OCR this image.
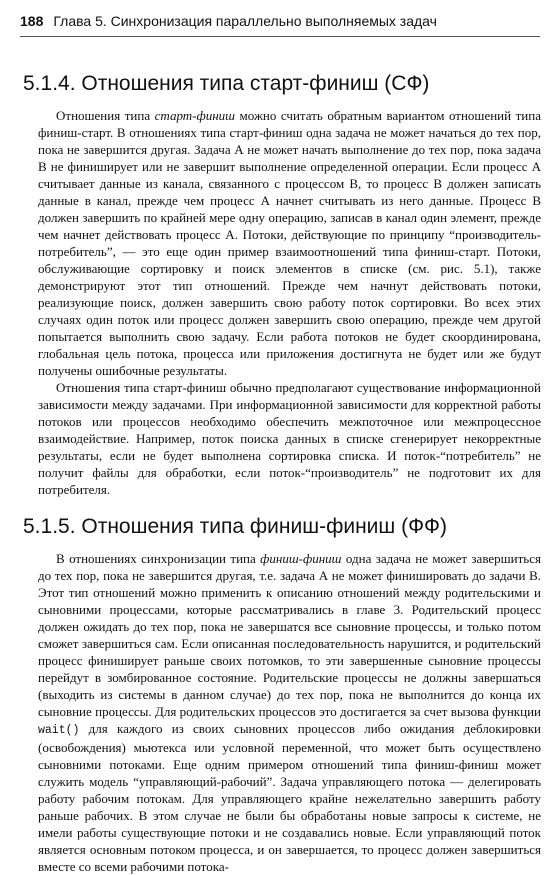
188 Глава 5. Синхронизация параллельно выполняемых задач
5.1.4. Отношения типа старт-финиш (СФ)

Отношения типа старт-финиш можно считать обратным вариантом отношений типа финиш-старт. В отношениях типа старт-финиш одна задача не может начаться до тех пор, пока не завершится другая. Задача А не может начать выполнение до тех пор, пока задача В не финиширует или не завершит выполнение определенной операции. Если процесс А считывает данные из канала, связанного с процессом В, то процесс В должен записать данные в канал, прежде чем процесс А начнет считывать из него данные. Процесс В должен завершить по крайней мере одну операцию, записав в канал один элемент, прежде чем начнет действовать процесс А. Потоки, действующие по принципу “производитель-потребитель”, — это еще один пример взаимоотношений типа финиш-старт. Потоки, обслуживающие сортировку и поиск элементов в списке (см. рис. 5.1), также демонстрируют этот тип отношений. Прежде чем начнут действовать потоки, реализующие поиск, должен завершить свою работу поток сортировки. Во всех этих случаях один поток или процесс должен завершить свою операцию, прежде чем другой попытается выполнить свою задачу. Если работа потоков не будет скоординирована, глобальная цель потока, процесса или приложения достигнута не будет или же будут получены ошибочные результаты.

Отношения типа старт-финиш обычно предполагают существование информационной зависимости между задачами. При информационной зависимости для корректной работы потоков или процессов необходимо обеспечить межпоточное или межпроцессное взаимодействие. Например, поток поиска данных в списке сгенерирует некорректные результаты, если не будет выполнена сортировка списка. И поток-“потребитель” не получит файлы для обработки, если поток-“производитель” не подготовит их для потребителя.

5.1.5. Отношения типа финиш-финиш (ФФ)

В отношениях синхронизации типа финиш-финиш одна задача не может завершиться до тех пор, пока не завершится другая, т.е. задача А не может финишировать до задачи В. Этот тип отношений можно применить к описанию отношений между родительскими и сыновними процессами, которые рассматривались в главе 3. Родительский процесс должен ожидать до тех пор, пока не завершатся все сыновние процессы, и только потом сможет завершиться сам. Если описанная последовательность нарушится, и родительский процесс финиширует раньше своих потомков, то эти завершенные сыновние процессы перейдут в зомбированное состояние. Родительские процессы не должны завершаться (выходить из системы в данном случае) до тех пор, пока не выполнится до конца их сыновние процессы. Для родительских процессов это достигается за счет вызова функции wait() для каждого из своих сыновних процессов либо ожидания деблокировки (освобождения) мьютекса или условной переменной, что может быть осуществлено сыновними потоками. Еще одним примером отношений типа финиш-финиш может служить модель “управляющий-рабочий”. Задача управляющего потока — делегировать работу рабочим потокам. Для управляющего крайне нежелательно завершить работу раньше рабочих. В этом случае не были бы обработаны новые запросы к системе, не имели работы существующие потоки и не создавались новые. Если управляющий поток является основным потоком процесса, и он завершается, то процесс должен завершиться вместе со всеми рабочими потока-
